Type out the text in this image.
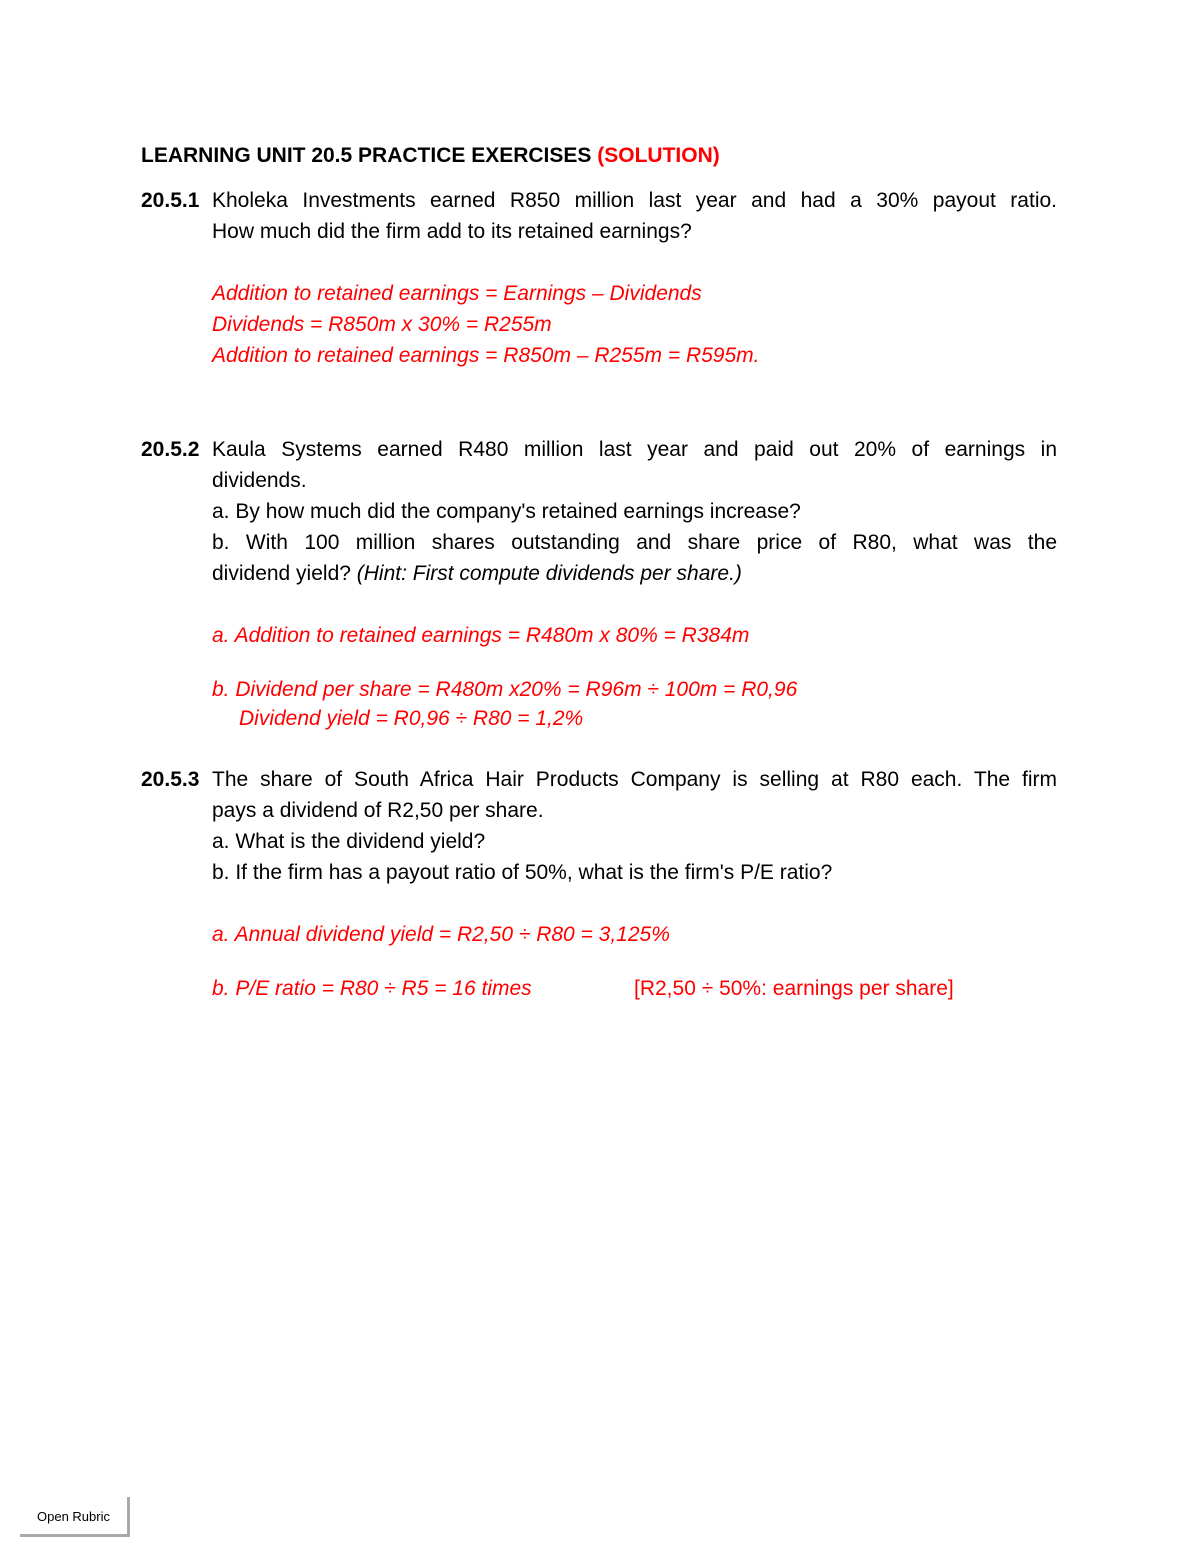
LEARNING UNIT 20.5 PRACTICE EXERCISES (SOLUTION)
20.5.1 Kholeka Investments earned R850 million last year and had a 30% payout ratio.
How much did the firm add to its retained earnings?
Addition to retained earnings = Earnings – Dividends
Dividends = R850m x 30% = R255m
Addition to retained earnings = R850m – R255m = R595m.
20.5.2 Kaula Systems earned R480 million last year and paid out 20% of earnings in
dividends.
a. By how much did the company's retained earnings increase?
b. With 100 million shares outstanding and share price of R80, what was the
dividend yield? (Hint: First compute dividends per share.)
a. Addition to retained earnings = R480m x 80% = R384m
b. Dividend per share = R480m x20% = R96m ÷ 100m = R0,96
Dividend yield = R0,96 ÷ R80 = 1,2%
20.5.3 The share of South Africa Hair Products Company is selling at R80 each. The firm
pays a dividend of R2,50 per share.
a. What is the dividend yield?
b. If the firm has a payout ratio of 50%, what is the firm's P/E ratio?
a. Annual dividend yield = R2,50 ÷ R80 = 3,125%
b. P/E ratio = R80 ÷ R5 = 16 times	[R2,50 ÷ 50%: earnings per share]
Open Rubric
